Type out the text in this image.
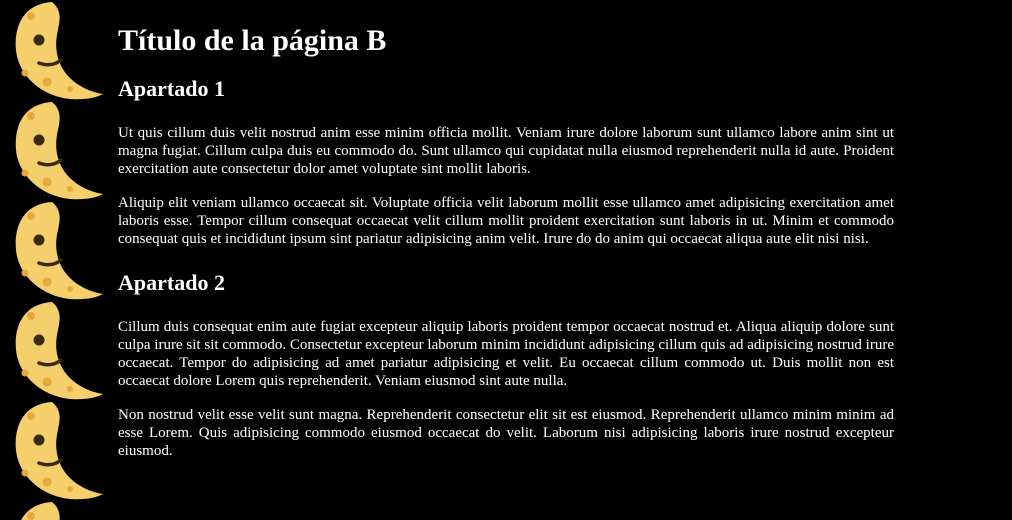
Título de la página B
Apartado 1

Ut quis cillum duis velit nostrud anim esse minim officia mollit. Veniam irure dolore laborum sunt ullamco labore anim sint ut magna fugiat. Cillum culpa duis eu commodo do. Sunt ullamco qui cupidatat nulla eiusmod reprehenderit nulla id aute. Proident exercitation aute consectetur dolor amet voluptate sint mollit laboris.

Aliquip elit veniam ullamco occaecat sit. Voluptate officia velit laborum mollit esse ullamco amet adipisicing exercitation amet laboris esse. Tempor cillum consequat occaecat velit cillum mollit proident exercitation sunt laboris in ut. Minim et commodo consequat quis et incididunt ipsum sint pariatur adipisicing anim velit. Irure do do anim qui occaecat aliqua aute elit nisi nisi.

Apartado 2

Cillum duis consequat enim aute fugiat excepteur aliquip laboris proident tempor occaecat nostrud et. Aliqua aliquip dolore sunt culpa irure sit sit commodo. Consectetur excepteur laborum minim incididunt adipisicing cillum quis ad adipisicing nostrud irure occaecat. Tempor do adipisicing ad amet pariatur adipisicing et velit. Eu occaecat cillum commodo ut. Duis mollit non est occaecat dolore Lorem quis reprehenderit. Veniam eiusmod sint aute nulla.

Non nostrud velit esse velit sunt magna. Reprehenderit consectetur elit sit est eiusmod. Reprehenderit ullamco minim minim ad esse Lorem. Quis adipisicing commodo eiusmod occaecat do velit. Laborum nisi adipisicing laboris irure nostrud excepteur eiusmod.
